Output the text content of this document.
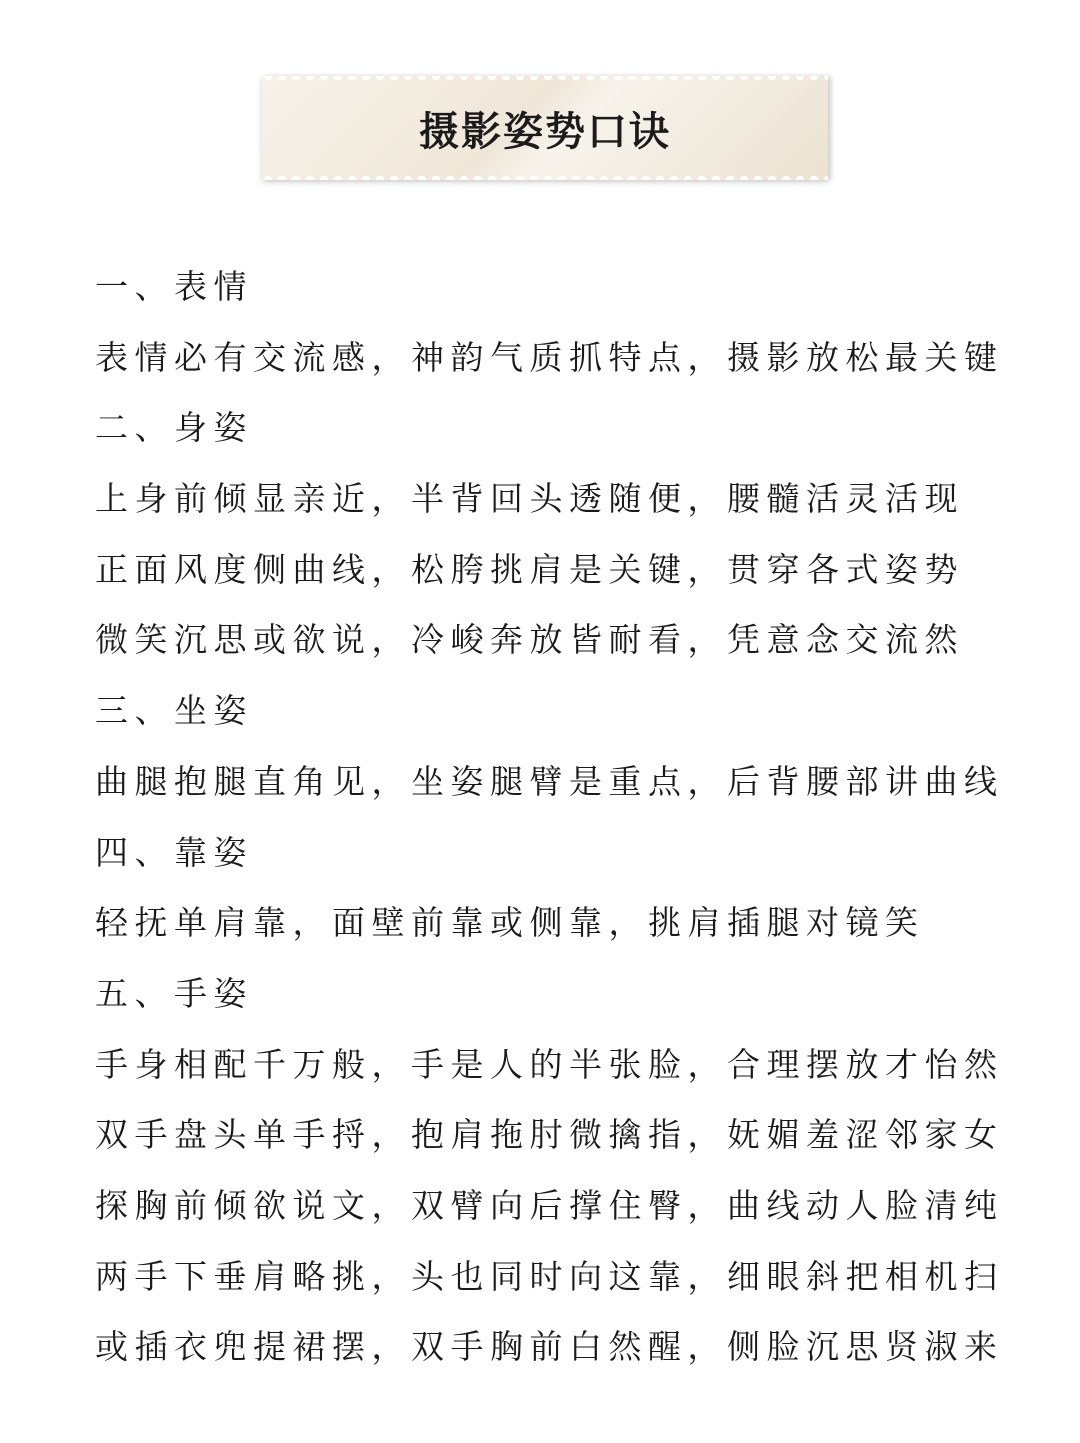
摄影姿势口诀
一、表情
表情必有交流感，神韵气质抓特点，摄影放松最关键
二、身姿
上身前倾显亲近，半背回头透随便，腰髓活灵活现
正面风度侧曲线，松胯挑肩是关键，贯穿各式姿势
微笑沉思或欲说，冷峻奔放皆耐看，凭意念交流然
三、坐姿
曲腿抱腿直角见，坐姿腿臂是重点，后背腰部讲曲线
四、靠姿
轻抚单肩靠，面壁前靠或侧靠，挑肩插腿对镜笑
五、手姿
手身相配千万般，手是人的半张脸，合理摆放才怡然
双手盘头单手捋，抱肩拖肘微擒指，妩媚羞涩邻家女
探胸前倾欲说文，双臂向后撑住臀，曲线动人脸清纯
两手下垂肩略挑，头也同时向这靠，细眼斜把相机扫
或插衣兜提裙摆，双手胸前白然醒，侧脸沉思贤淑来
